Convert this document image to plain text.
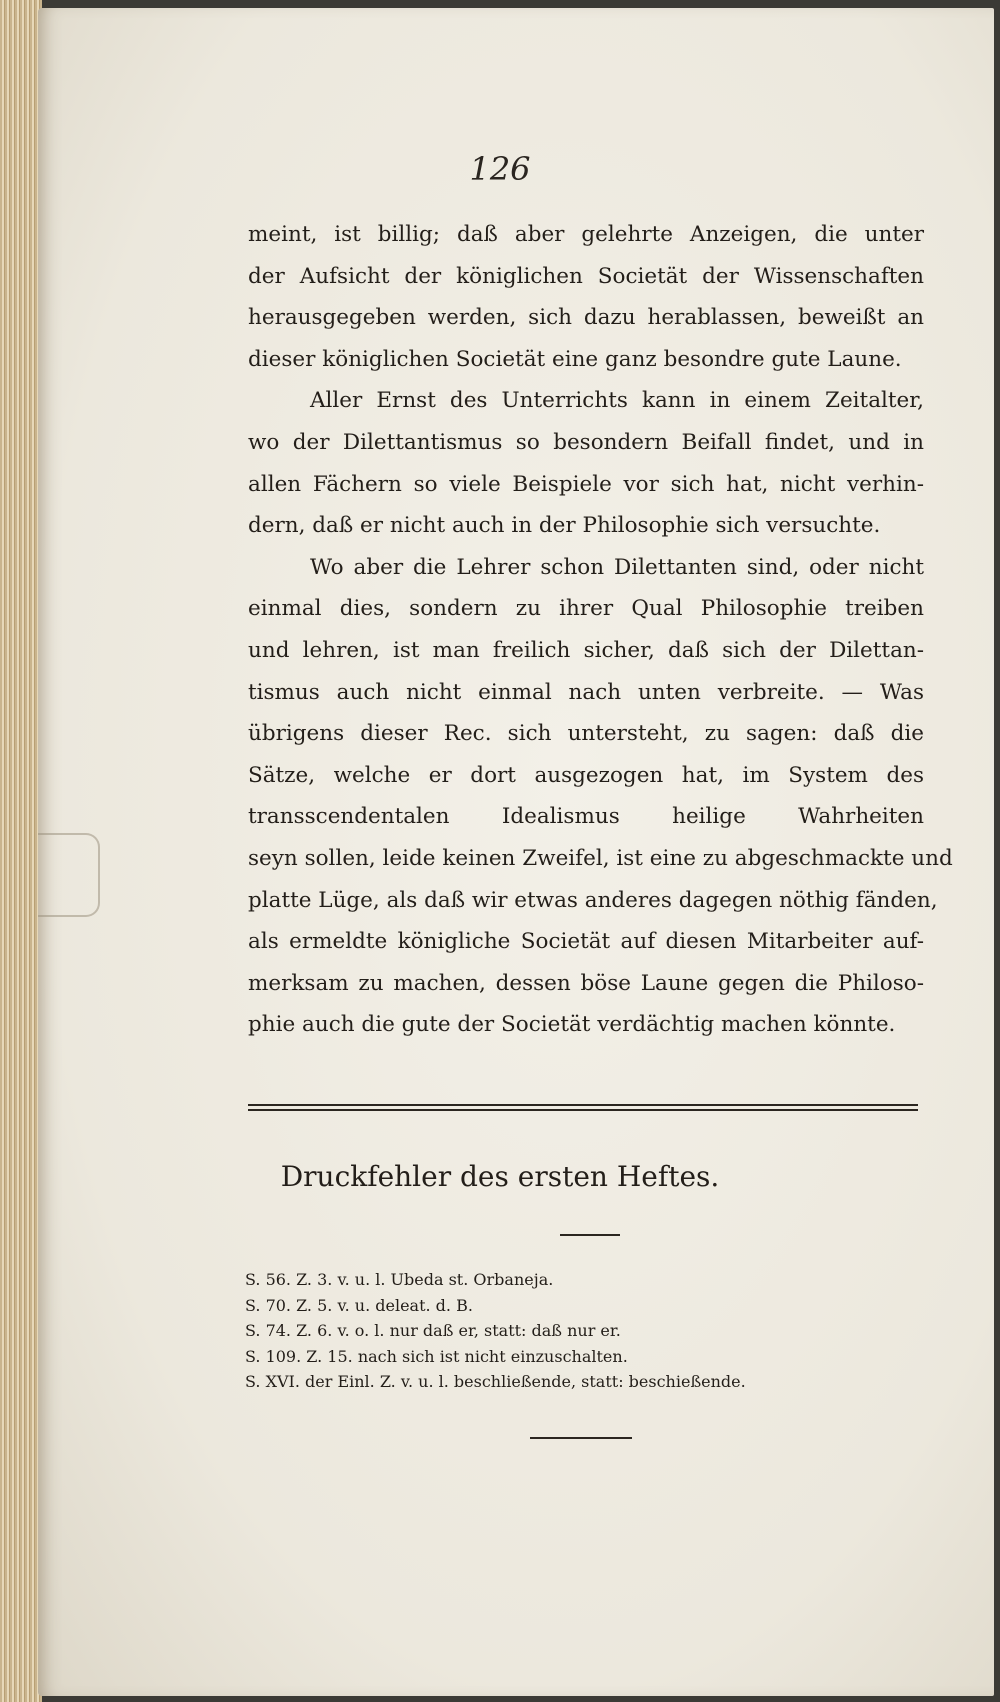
126
meint, ist billig; daß aber gelehrte Anzeigen, die unter
der Aufsicht der königlichen Societät der Wissenschaften
herausgegeben werden, sich dazu herablassen, beweißt an
dieser königlichen Societät eine ganz besondre gute Laune.
Aller Ernst des Unterrichts kann in einem Zeitalter,
wo der Dilettantismus so besondern Beifall findet, und in
allen Fächern so viele Beispiele vor sich hat, nicht verhin-
dern, daß er nicht auch in der Philosophie sich versuchte.
Wo aber die Lehrer schon Dilettanten sind, oder nicht
einmal dies, sondern zu ihrer Qual Philosophie treiben
und lehren, ist man freilich sicher, daß sich der Dilettan-
tismus auch nicht einmal nach unten verbreite. — Was
übrigens dieser Rec. sich untersteht, zu sagen: daß die
Sätze, welche er dort ausgezogen hat, im System des
transscendentalen Idealismus heilige Wahrheiten
seyn sollen, leide keinen Zweifel, ist eine zu abgeschmackte und
platte Lüge, als daß wir etwas anderes dagegen nöthig fänden,
als ermeldte königliche Societät auf diesen Mitarbeiter auf-
merksam zu machen, dessen böse Laune gegen die Philoso-
phie auch die gute der Societät verdächtig machen könnte.
Druckfehler des ersten Heftes.
S. 56. Z. 3. v. u. l. Ubeda st. Orbaneja.
S. 70. Z. 5. v. u. deleat. d. B.
S. 74. Z. 6. v. o. l. nur daß er, statt: daß nur er.
S. 109. Z. 15. nach sich ist nicht einzuschalten.
S. XVI. der Einl. Z. v. u. l. beschließende, statt: beschießende.
